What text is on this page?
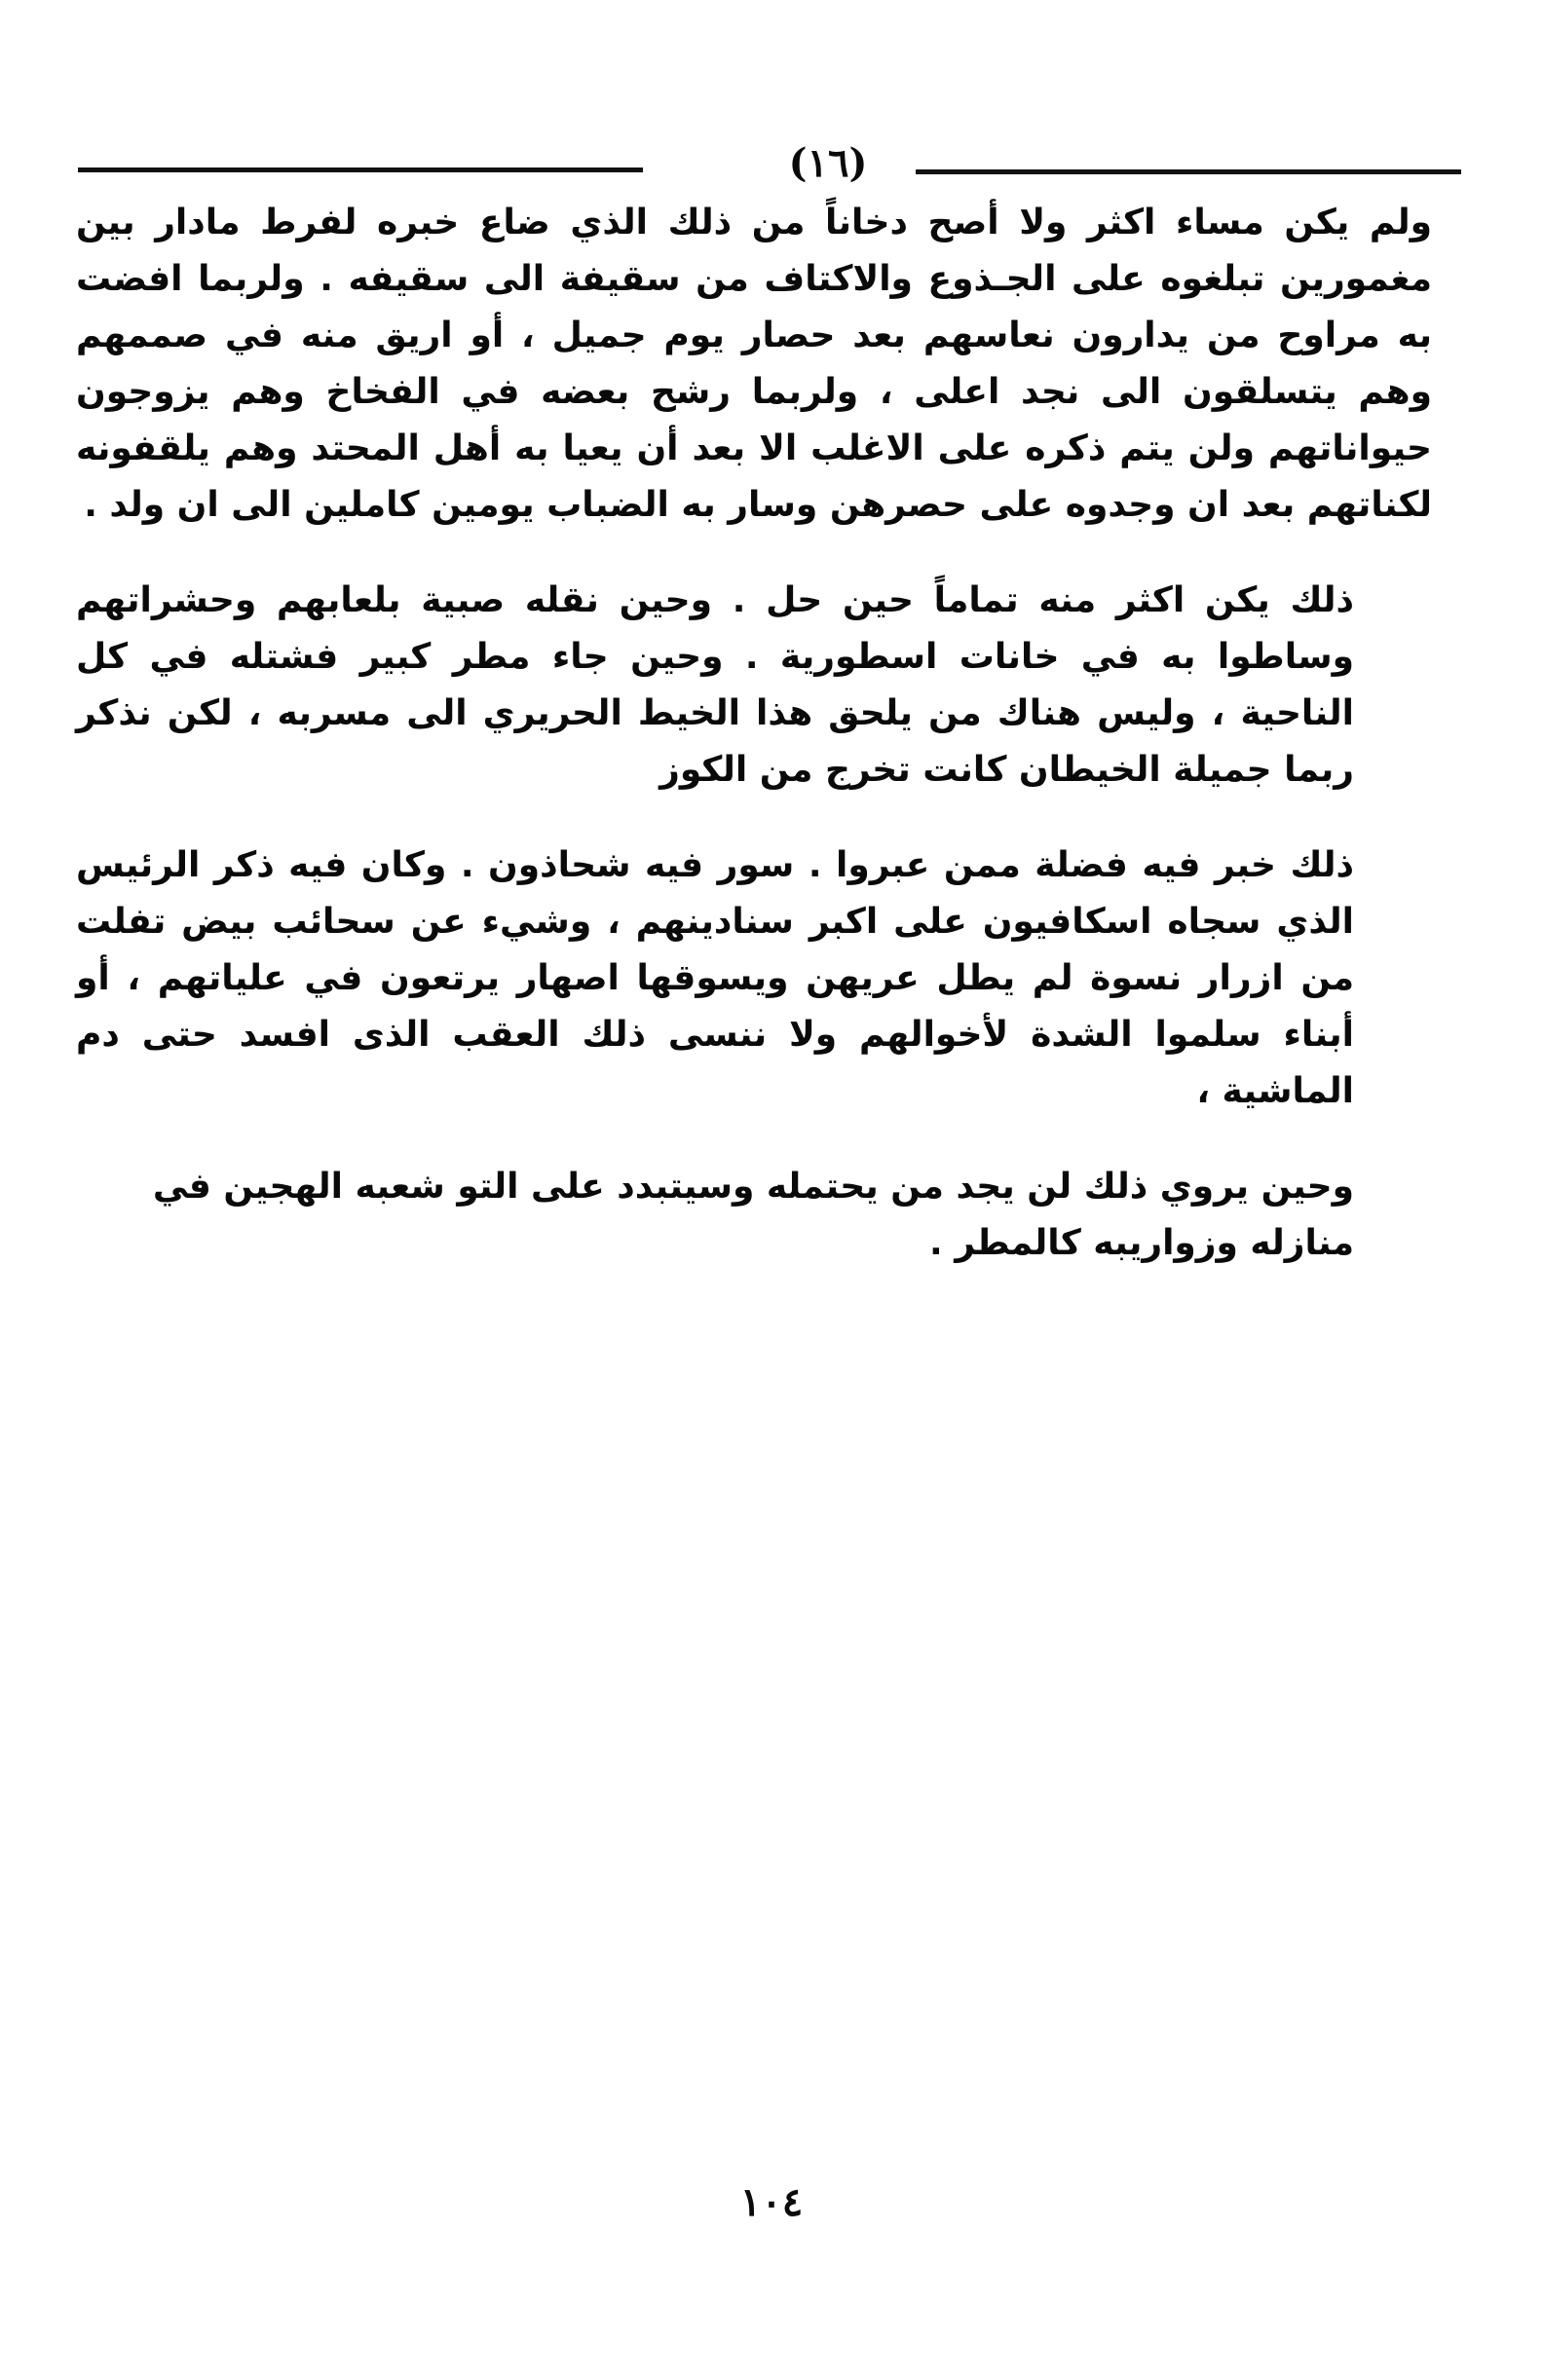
(١٦)

ولم يكن مساء اكثر ولا أصح دخاناً من ذلك الذي ضاع خبره لفرط مادار بين مغمورين تبلغوه على الجـذوع والاكتاف من سقيفة الى سقيفه . ولربما افضت به مراوح من يدارون نعاسهم بعد حصار يوم جميل ، أو اريق منه في صممهم وهم يتسلقون الى نجد اعلى ، ولربما رشح بعضه في الفخاخ وهم يزوجون حيواناتهم ولن يتم ذكره على الاغلب الا بعد أن يعيا به أهل المحتد وهم يلقفونه لكناتهم بعد ان وجدوه على حصرهن وسار به الضباب يومين كاملين الى ان ولد .

ذلك يكن اكثر منه تماماً حين حل . وحين نقله صبية بلعابهم وحشراتهم وساطوا به في خانات اسطورية . وحين جاء مطر كبير فشتله في كل الناحية ، وليس هناك من يلحق هذا الخيط الحريري الى مسربه ، لكن نذكر ربما جميلة الخيطان كانت تخرج من الكوز

ذلك خبر فيه فضلة ممن عبروا . سور فيه شحاذون . وكان فيه ذكر الرئيس الذي سجاه اسكافيون على اكبر سنادينهم ، وشيء عن سحائب بيض تفلت من ازرار نسوة لم يطل عريهن ويسوقها اصهار يرتعون في علياتهم ، أو أبناء سلموا الشدة لأخوالهم ولا ننسى ذلك العقب الذى افسد حتى دم الماشية ،

وحين يروي ذلك لن يجد من يحتمله وسيتبدد على التو شعبه الهجين في منازله وزواريبه كالمطر .

١٠٤
